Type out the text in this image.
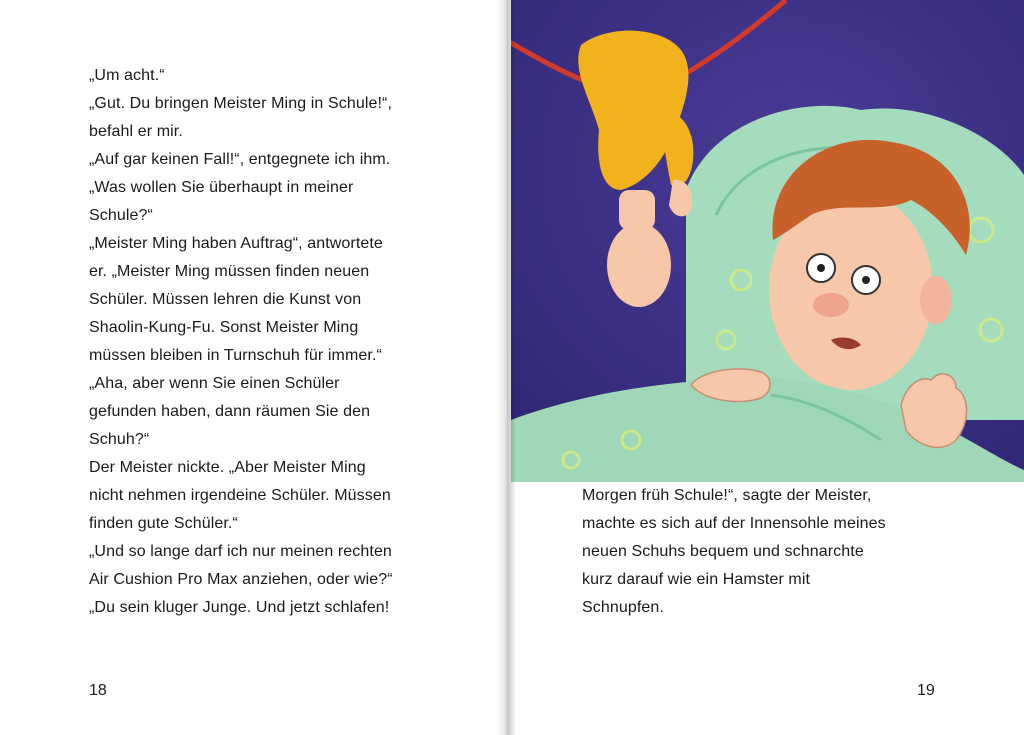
„Um acht.“
„Gut. Du bringen Meister Ming in Schule!“,
befahl er mir.
„Auf gar keinen Fall!“, entgegnete ich ihm.
„Was wollen Sie überhaupt in meiner
Schule?“
„Meister Ming haben Auftrag“, antwortete
er. „Meister Ming müssen finden neuen
Schüler. Müssen lehren die Kunst von
Shaolin-Kung-Fu. Sonst Meister Ming
müssen bleiben in Turnschuh für immer.“
„Aha, aber wenn Sie einen Schüler
gefunden haben, dann räumen Sie den
Schuh?“
Der Meister nickte. „Aber Meister Ming
nicht nehmen irgendeine Schüler. Müssen
finden gute Schüler.“
„Und so lange darf ich nur meinen rechten
Air Cushion Pro Max anziehen, oder wie?“
„Du sein kluger Junge. Und jetzt schlafen!
Morgen früh Schule!“, sagte der Meister,
machte es sich auf der Innensohle meines
neuen Schuhs bequem und schnarchte
kurz darauf wie ein Hamster mit
Schnupfen.
18	19
